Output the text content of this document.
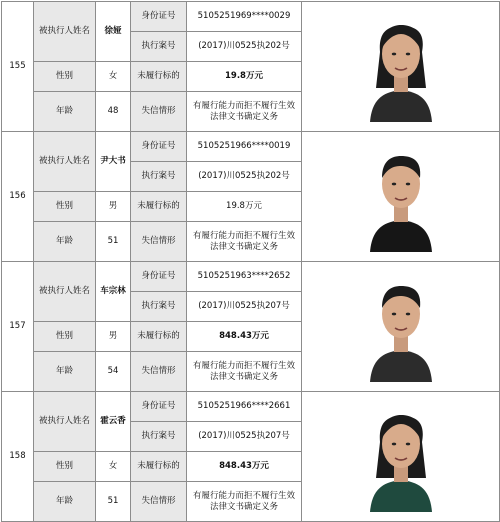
155	被执行人姓名	徐娅	身份证号	5105251969****0029	

			执行案号	(2017)川0525执202号	
	性别	女	未履行标的	19.8万元	
	年龄	48	失信情形	有履行能力而拒不履行生效法律文书确定义务	
156	被执行人姓名	尹大书	身份证号	5105251966****0019	

			执行案号	(2017)川0525执202号	
	性别	男	未履行标的	19.8万元	
	年龄	51	失信情形	有履行能力而拒不履行生效法律文书确定义务	
157	被执行人姓名	车宗林	身份证号	5105251963****2652	

			执行案号	(2017)川0525执207号	
	性别	男	未履行标的	848.43万元	
	年龄	54	失信情形	有履行能力而拒不履行生效法律文书确定义务	
158	被执行人姓名	霍云香	身份证号	5105251966****2661	

			执行案号	(2017)川0525执207号	
	性别	女	未履行标的	848.43万元	
	年龄	51	失信情形	有履行能力而拒不履行生效法律文书确定义务	
